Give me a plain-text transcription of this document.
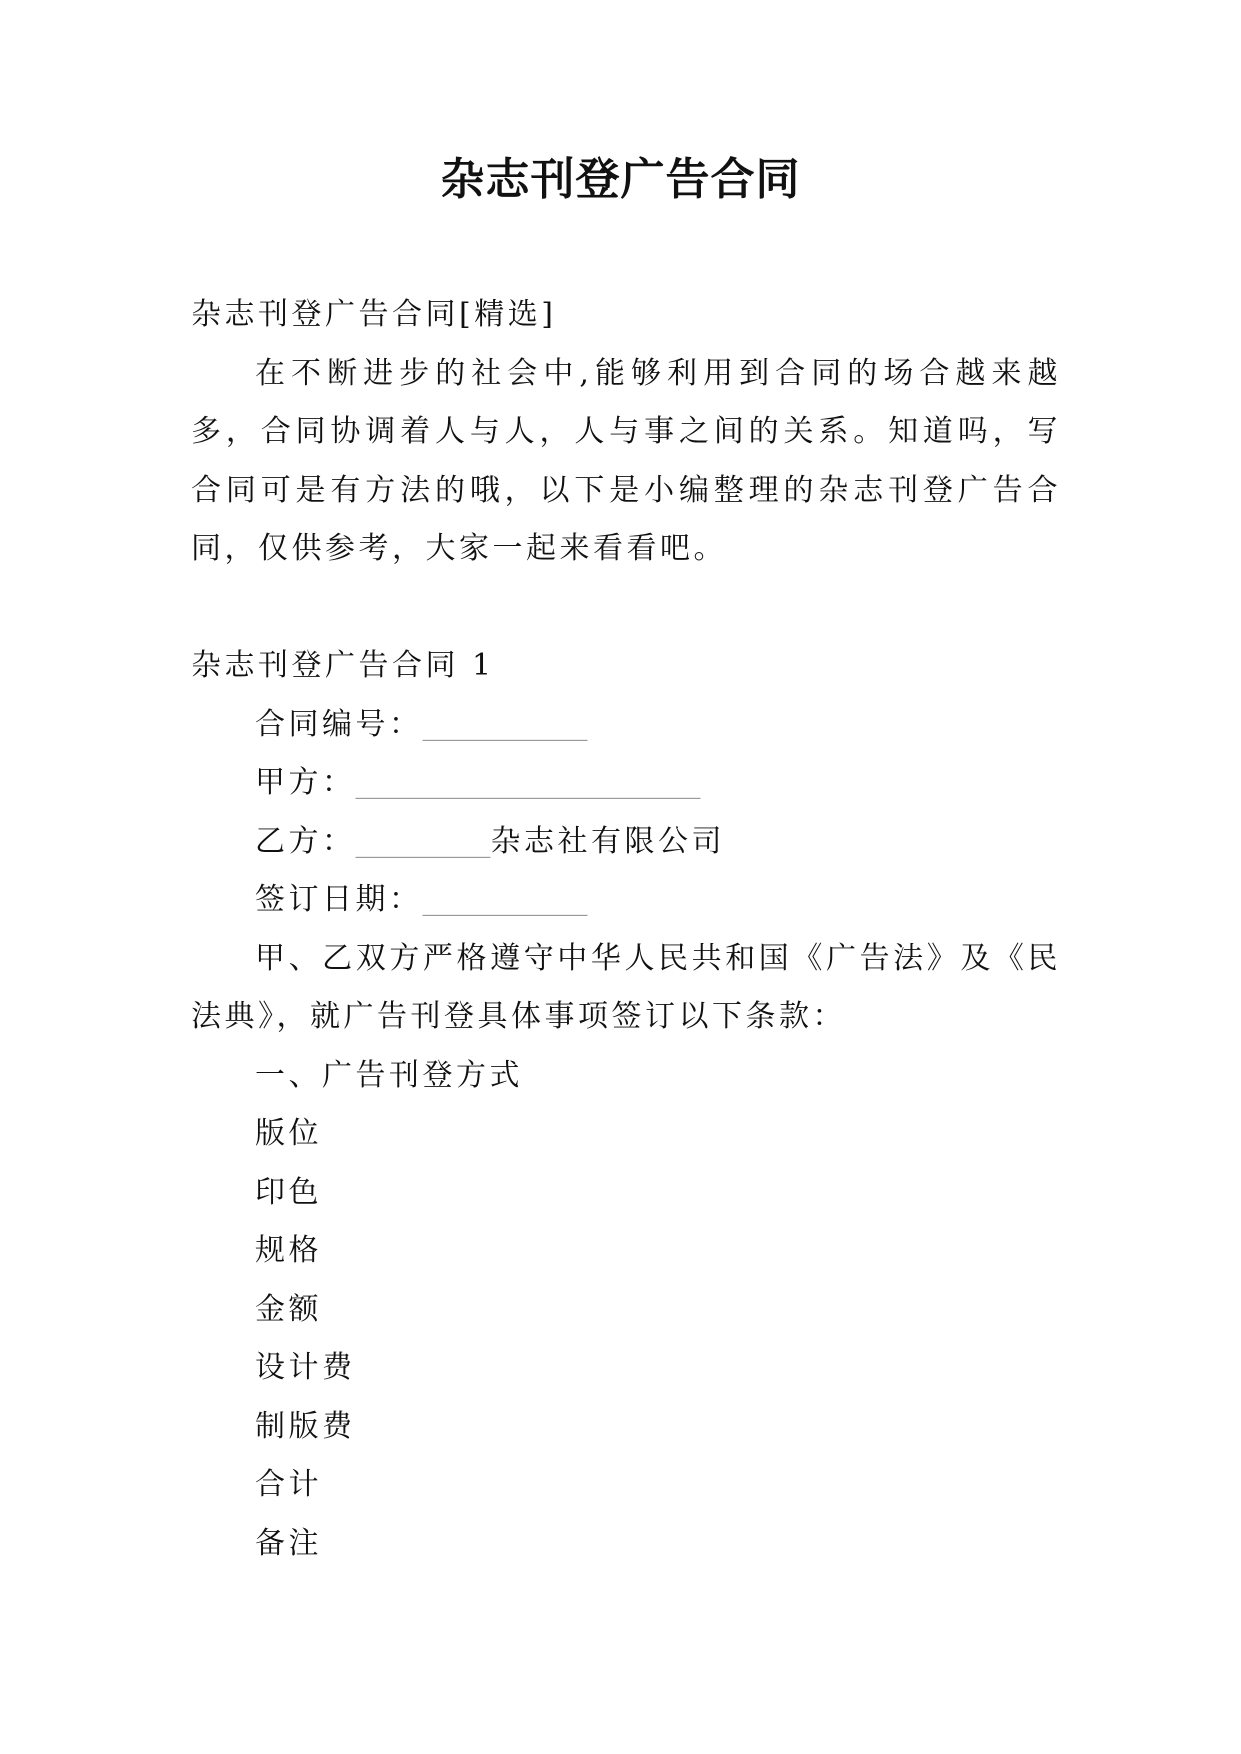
杂志刊登广告合同
杂志刊登广告合同[精选]
在不断进步的社会中,能够利用到合同的场合越来越多，合同协调着人与人，人与事之间的关系。知道吗，写合同可是有方法的哦，以下是小编整理的杂志刊登广告合同，仅供参考，大家一起来看看吧。
杂志刊登广告合同 1
合同编号：___________
甲方：_______________________
乙方：_________杂志社有限公司
签订日期：___________
甲、乙双方严格遵守中华人民共和国《广告法》及《民法典》，就广告刊登具体事项签订以下条款：
一、广告刊登方式
版位
印色
规格
金额
设计费
制版费
合计
备注
